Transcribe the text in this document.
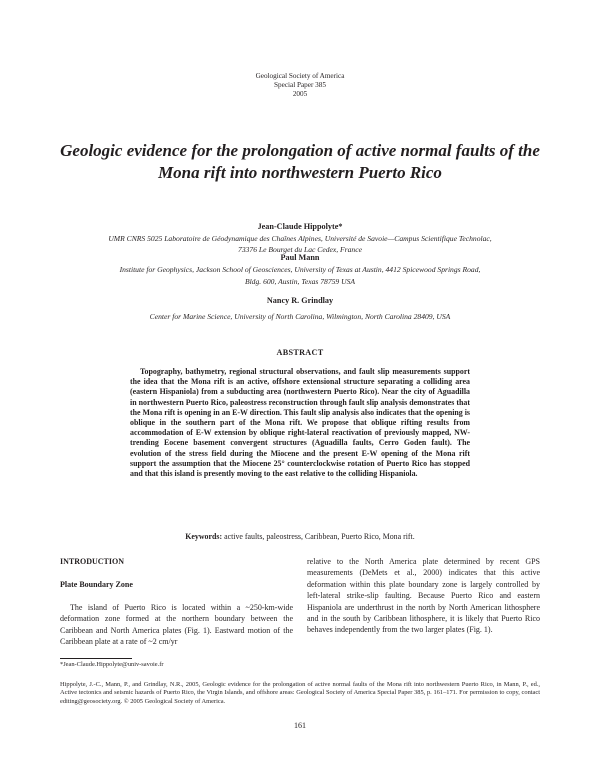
Geological Society of America
Special Paper 385
2005
Geologic evidence for the prolongation of active normal faults of the
Mona rift into northwestern Puerto Rico
Jean-Claude Hippolyte*
UMR CNRS 5025 Laboratoire de Géodynamique des Chaînes Alpines, Université de Savoie—Campus Scientifique Technolac,
73376 Le Bourget du Lac Cedex, France
Paul Mann
Institute for Geophysics, Jackson School of Geosciences, University of Texas at Austin, 4412 Spicewood Springs Road,
Bldg. 600, Austin, Texas 78759 USA
Nancy R. Grindlay
Center for Marine Science, University of North Carolina, Wilmington, North Carolina 28409, USA
ABSTRACT
Topography, bathymetry, regional structural observations, and fault slip measurements support the idea that the Mona rift is an active, offshore extensional structure separating a colliding area (eastern Hispaniola) from a subducting area (northwestern Puerto Rico). Near the city of Aguadilla in northwestern Puerto Rico, paleostress reconstruction through fault slip analysis demonstrates that the Mona rift is opening in an E-W direction. This fault slip analysis also indicates that the opening is oblique in the southern part of the Mona rift. We propose that oblique rifting results from accommodation of E-W extension by oblique right-lateral reactivation of previously mapped, NW-trending Eocene basement convergent structures (Aguadilla faults, Cerro Goden fault). The evolution of the stress field during the Miocene and the present E-W opening of the Mona rift support the assumption that the Miocene 25° counterclockwise rotation of Puerto Rico has stopped and that this island is presently moving to the east relative to the colliding Hispaniola.
Keywords: active faults, paleostress, Caribbean, Puerto Rico, Mona rift.
INTRODUCTION
Plate Boundary Zone
The island of Puerto Rico is located within a ~250-km-wide deformation zone formed at the northern boundary between the Caribbean and North America plates (Fig. 1). Eastward motion of the Caribbean plate at a rate of ~2 cm/yr
relative to the North America plate determined by recent GPS measurements (DeMets et al., 2000) indicates that this active deformation within this plate boundary zone is largely controlled by left-lateral strike-slip faulting. Because Puerto Rico and eastern Hispaniola are underthrust in the north by North American lithosphere and in the south by Caribbean lithosphere, it is likely that Puerto Rico behaves independently from the two larger plates (Fig. 1).
*Jean-Claude.Hippolyte@univ-savoie.fr
Hippolyte, J.-C., Mann, P., and Grindlay, N.R., 2005, Geologic evidence for the prolongation of active normal faults of the Mona rift into northwestern Puerto Rico, in Mann, P., ed., Active tectonics and seismic hazards of Puerto Rico, the Virgin Islands, and offshore areas: Geological Society of America Special Paper 385, p. 161–171. For permission to copy, contact editing@geosociety.org. © 2005 Geological Society of America.
161
